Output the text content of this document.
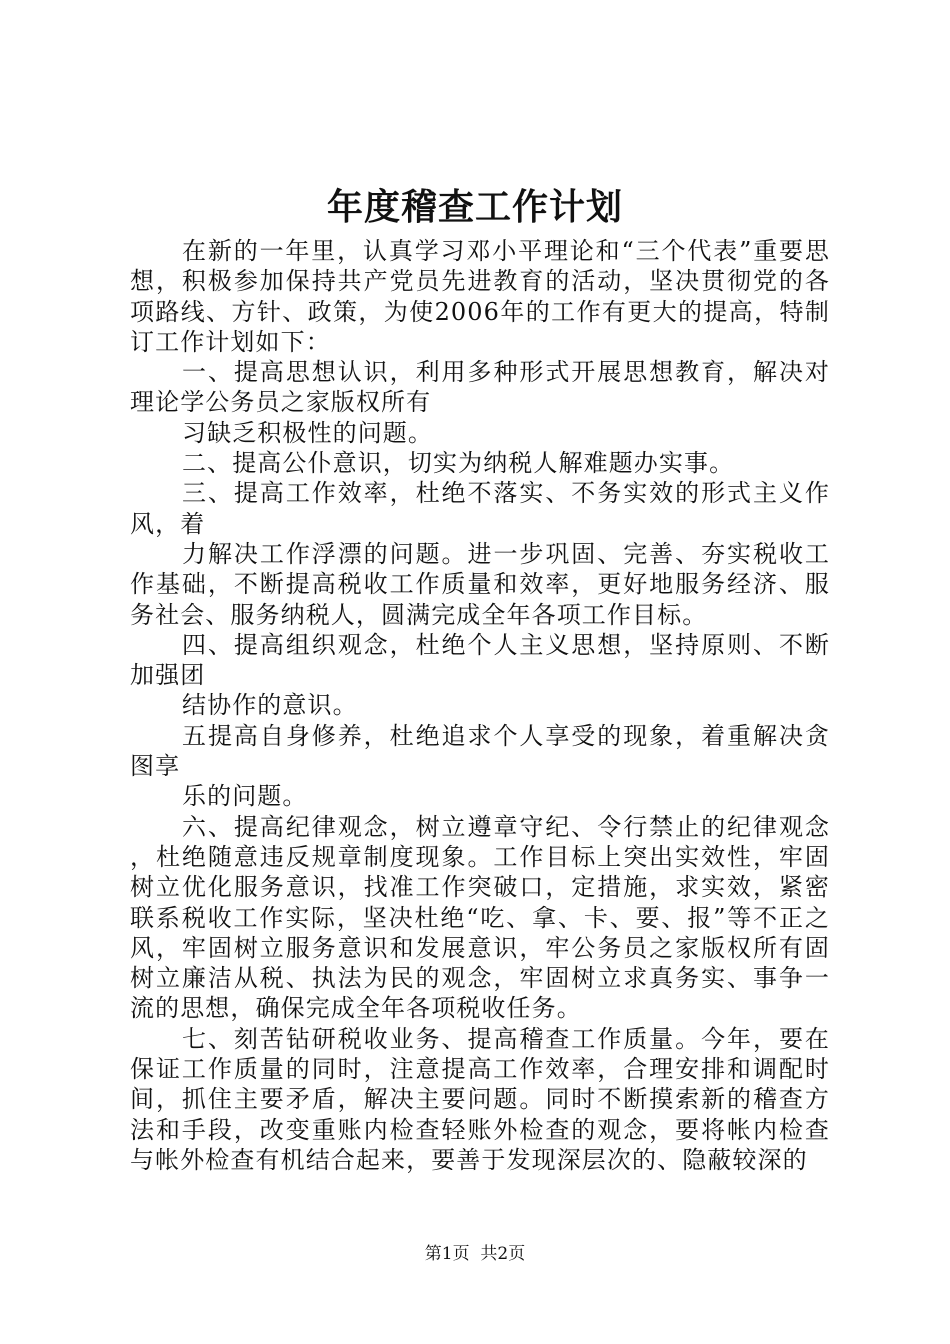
年度稽查工作计划

在新的一年里，认真学习邓小平理论和“三个代表”重要思想，积极参加保持共产党员先进教育的活动，坚决贯彻党的各项路线、方针、政策，为使2006年的工作有更大的提高，特制订工作计划如下：

一、提高思想认识，利用多种形式开展思想教育，解决对理论学公务员之家版权所有

习缺乏积极性的问题。

二、提高公仆意识，切实为纳税人解难题办实事。

三、提高工作效率，杜绝不落实、不务实效的形式主义作风，着

力解决工作浮漂的问题。进一步巩固、完善、夯实税收工作基础，不断提高税收工作质量和效率，更好地服务经济、服务社会、服务纳税人，圆满完成全年各项工作目标。

四、提高组织观念，杜绝个人主义思想，坚持原则、不断加强团

结协作的意识。

五提高自身修养，杜绝追求个人享受的现象，着重解决贪图享

乐的问题。

六、提高纪律观念，树立遵章守纪、令行禁止的纪律观念，杜绝随意违反规章制度现象。工作目标上突出实效性，牢固树立优化服务意识，找准工作突破口，定措施，求实效，紧密联系税收工作实际，坚决杜绝“吃、拿、卡、要、报”等不正之风，牢固树立服务意识和发展意识，牢公务员之家版权所有固树立廉洁从税、执法为民的观念，牢固树立求真务实、事争一流的思想，确保完成全年各项税收任务。

七、刻苦钻研税收业务、提高稽查工作质量。今年，要在保证工作质量的同时，注意提高工作效率，合理安排和调配时间，抓住主要矛盾，解决主要问题。同时不断摸索新的稽查方法和手段，改变重账内检查轻账外检查的观念，要将帐内检查与帐外检查有机结合起来，要善于发现深层次的、隐蔽较深的

第1页 共2页
